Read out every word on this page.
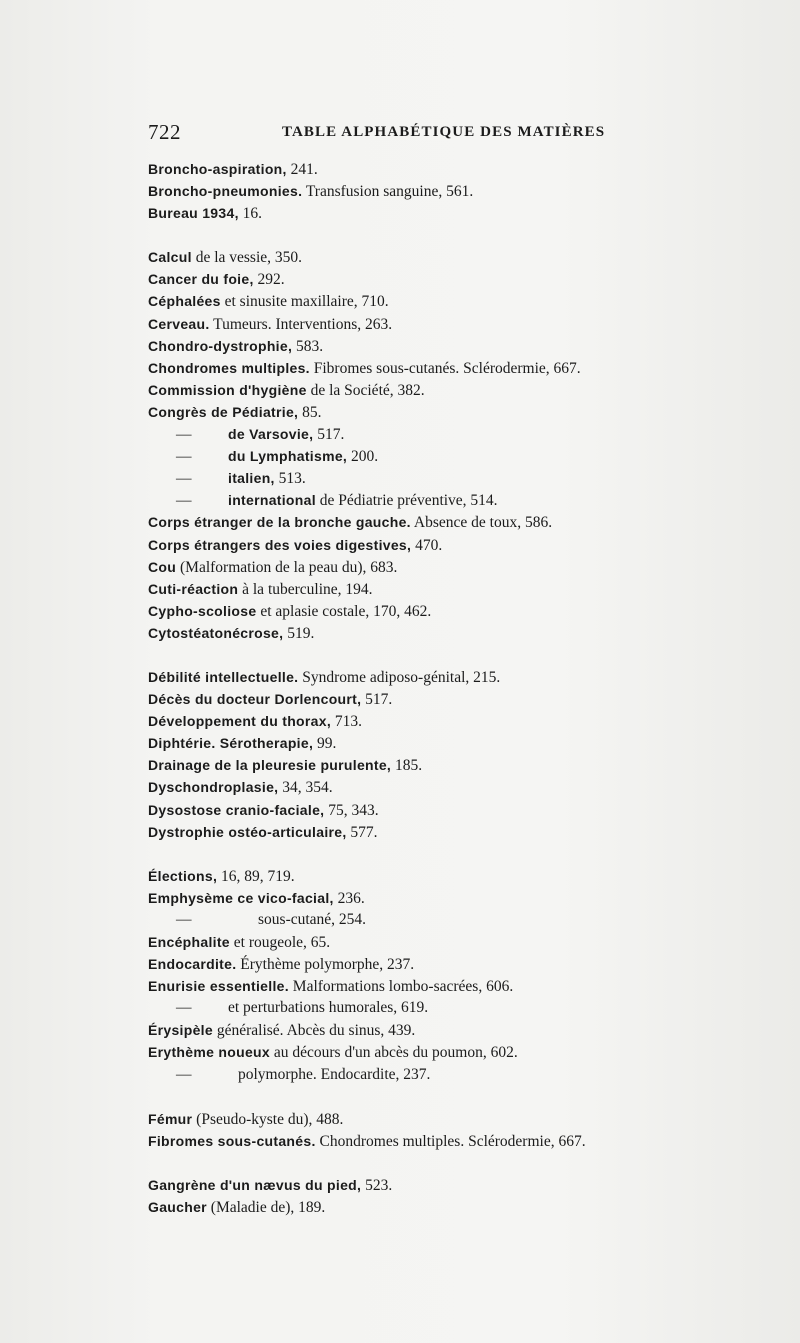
722	TABLE ALPHABÉTIQUE DES MATIÈRES
Broncho-aspiration, 241.
Broncho-pneumonies. Transfusion sanguine, 561.
Bureau 1934, 16.
Calcul de la vessie, 350.
Cancer du foie, 292.
Céphalées et sinusite maxillaire, 710.
Cerveau. Tumeurs. Interventions, 263.
Chondro-dystrophie, 583.
Chondromes multiples. Fibromes sous-cutanés. Sclérodermie, 667.
Commission d'hygiène de la Société, 382.
Congrès de Pédiatrie, 85.
—	de Varsovie, 517.
—	du Lymphatisme, 200.
—	italien, 513.
—	international de Pédiatrie préventive, 514.
Corps étranger de la bronche gauche. Absence de toux, 586.
Corps étrangers des voies digestives, 470.
Cou (Malformation de la peau du), 683.
Cuti-réaction à la tuberculine, 194.
Cypho-scoliose et aplasie costale, 170, 462.
Cytostéatonécrose, 519.
Débilité intellectuelle. Syndrome adiposo-génital, 215.
Décès du docteur Dorlencourt, 517.
Développement du thorax, 713.
Diphtérie. Sérotherapie, 99.
Drainage de la pleuresie purulente, 185.
Dyschondroplasie, 34, 354.
Dysostose cranio-faciale, 75, 343.
Dystrophie ostéo-articulaire, 577.
Élections, 16, 89, 719.
Emphysème ce vico-facial, 236.
—	sous-cutané, 254.
Encéphalite et rougeole, 65.
Endocardite. Érythème polymorphe, 237.
Enurisie essentielle. Malformations lombo-sacrées, 606.
— et perturbations humorales, 619.
Érysipèle généralisé. Abcès du sinus, 439.
Erythème noueux au décours d'un abcès du poumon, 602.
—	polymorphe. Endocardite, 237.
Fémur (Pseudo-kyste du), 488.
Fibromes sous-cutanés. Chondromes multiples. Sclérodermie, 667.
Gangrène d'un nævus du pied, 523.
Gaucher (Maladie de), 189.
